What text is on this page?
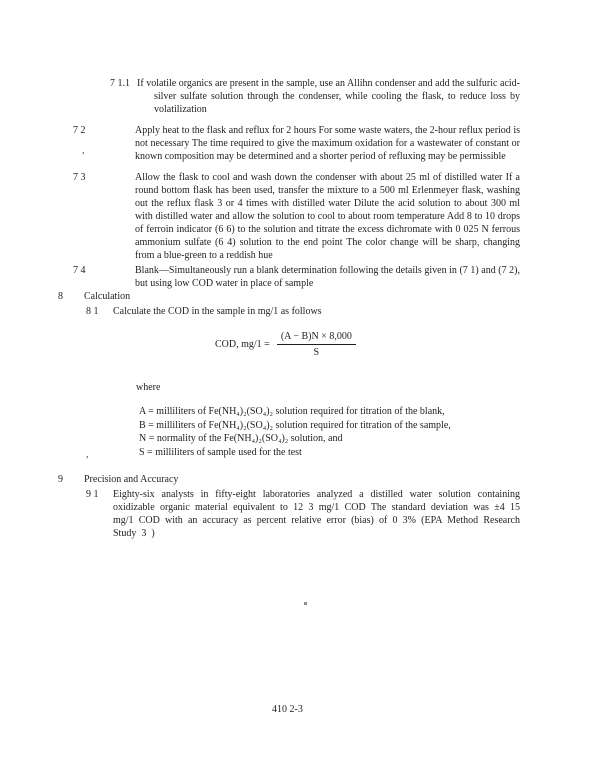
7 1.1 If volatile organics are present in the sample, use an Allihn condenser and add the sulfuric acid-silver sulfate solution through the condenser, while cooling the flask, to reduce loss by volatilization
7 2	Apply heat to the flask and reflux for 2 hours For some waste waters, the 2-hour reflux period is not necessary The time required to give the maximum oxidation for a wastewater of constant or known composition may be determined and a shorter period of refluxing may be permissible
7 3	Allow the flask to cool and wash down the condenser with about 25 ml of distilled water If a round bottom flask has been used, transfer the mixture to a 500 ml Erlenmeyer flask, washing out the reflux flask 3 or 4 times with distilled water Dilute the acid solution to about 300 ml with distilled water and allow the solution to cool to about room temperature Add 8 to 10 drops of ferroin indicator (6 6) to the solution and titrate the excess dichromate with 0 025 N ferrous ammonium sulfate (6 4) solution to the end point The color change will be sharp, changing from a blue-green to a reddish hue
7 4	Blank—Simultaneously run a blank determination following the details given in (7 1) and (7 2), but using low COD water in place of sample
8	Calculation
8 1	Calculate the COD in the sample in mg/1 as follows
COD, $mg/1 = \frac{(A - B)N \times 8,000}{S}$
where
A = milliliters of Fe(NH₄)₂(SO₄)₂ solution required for titration of the blank,
B = milliliters of Fe(NH₄)₂(SO₄)₂ solution required for titration of the sample,
N = normality of the Fe(NH₄)₂(SO₄)₂ solution, and
S = milliliters of sample used for the test
9	Precision and Accuracy
9 1	Eighty-six analysts in fifty-eight laboratories analyzed a distilled water solution containing oxidizable organic material equivalent to 12 3 mg/1 COD The standard deviation was ±4 15 mg/1 COD with an accuracy as percent relative error (bias) of 0 3% (EPA Method Research Study 3 )
410 2-3
,
,
